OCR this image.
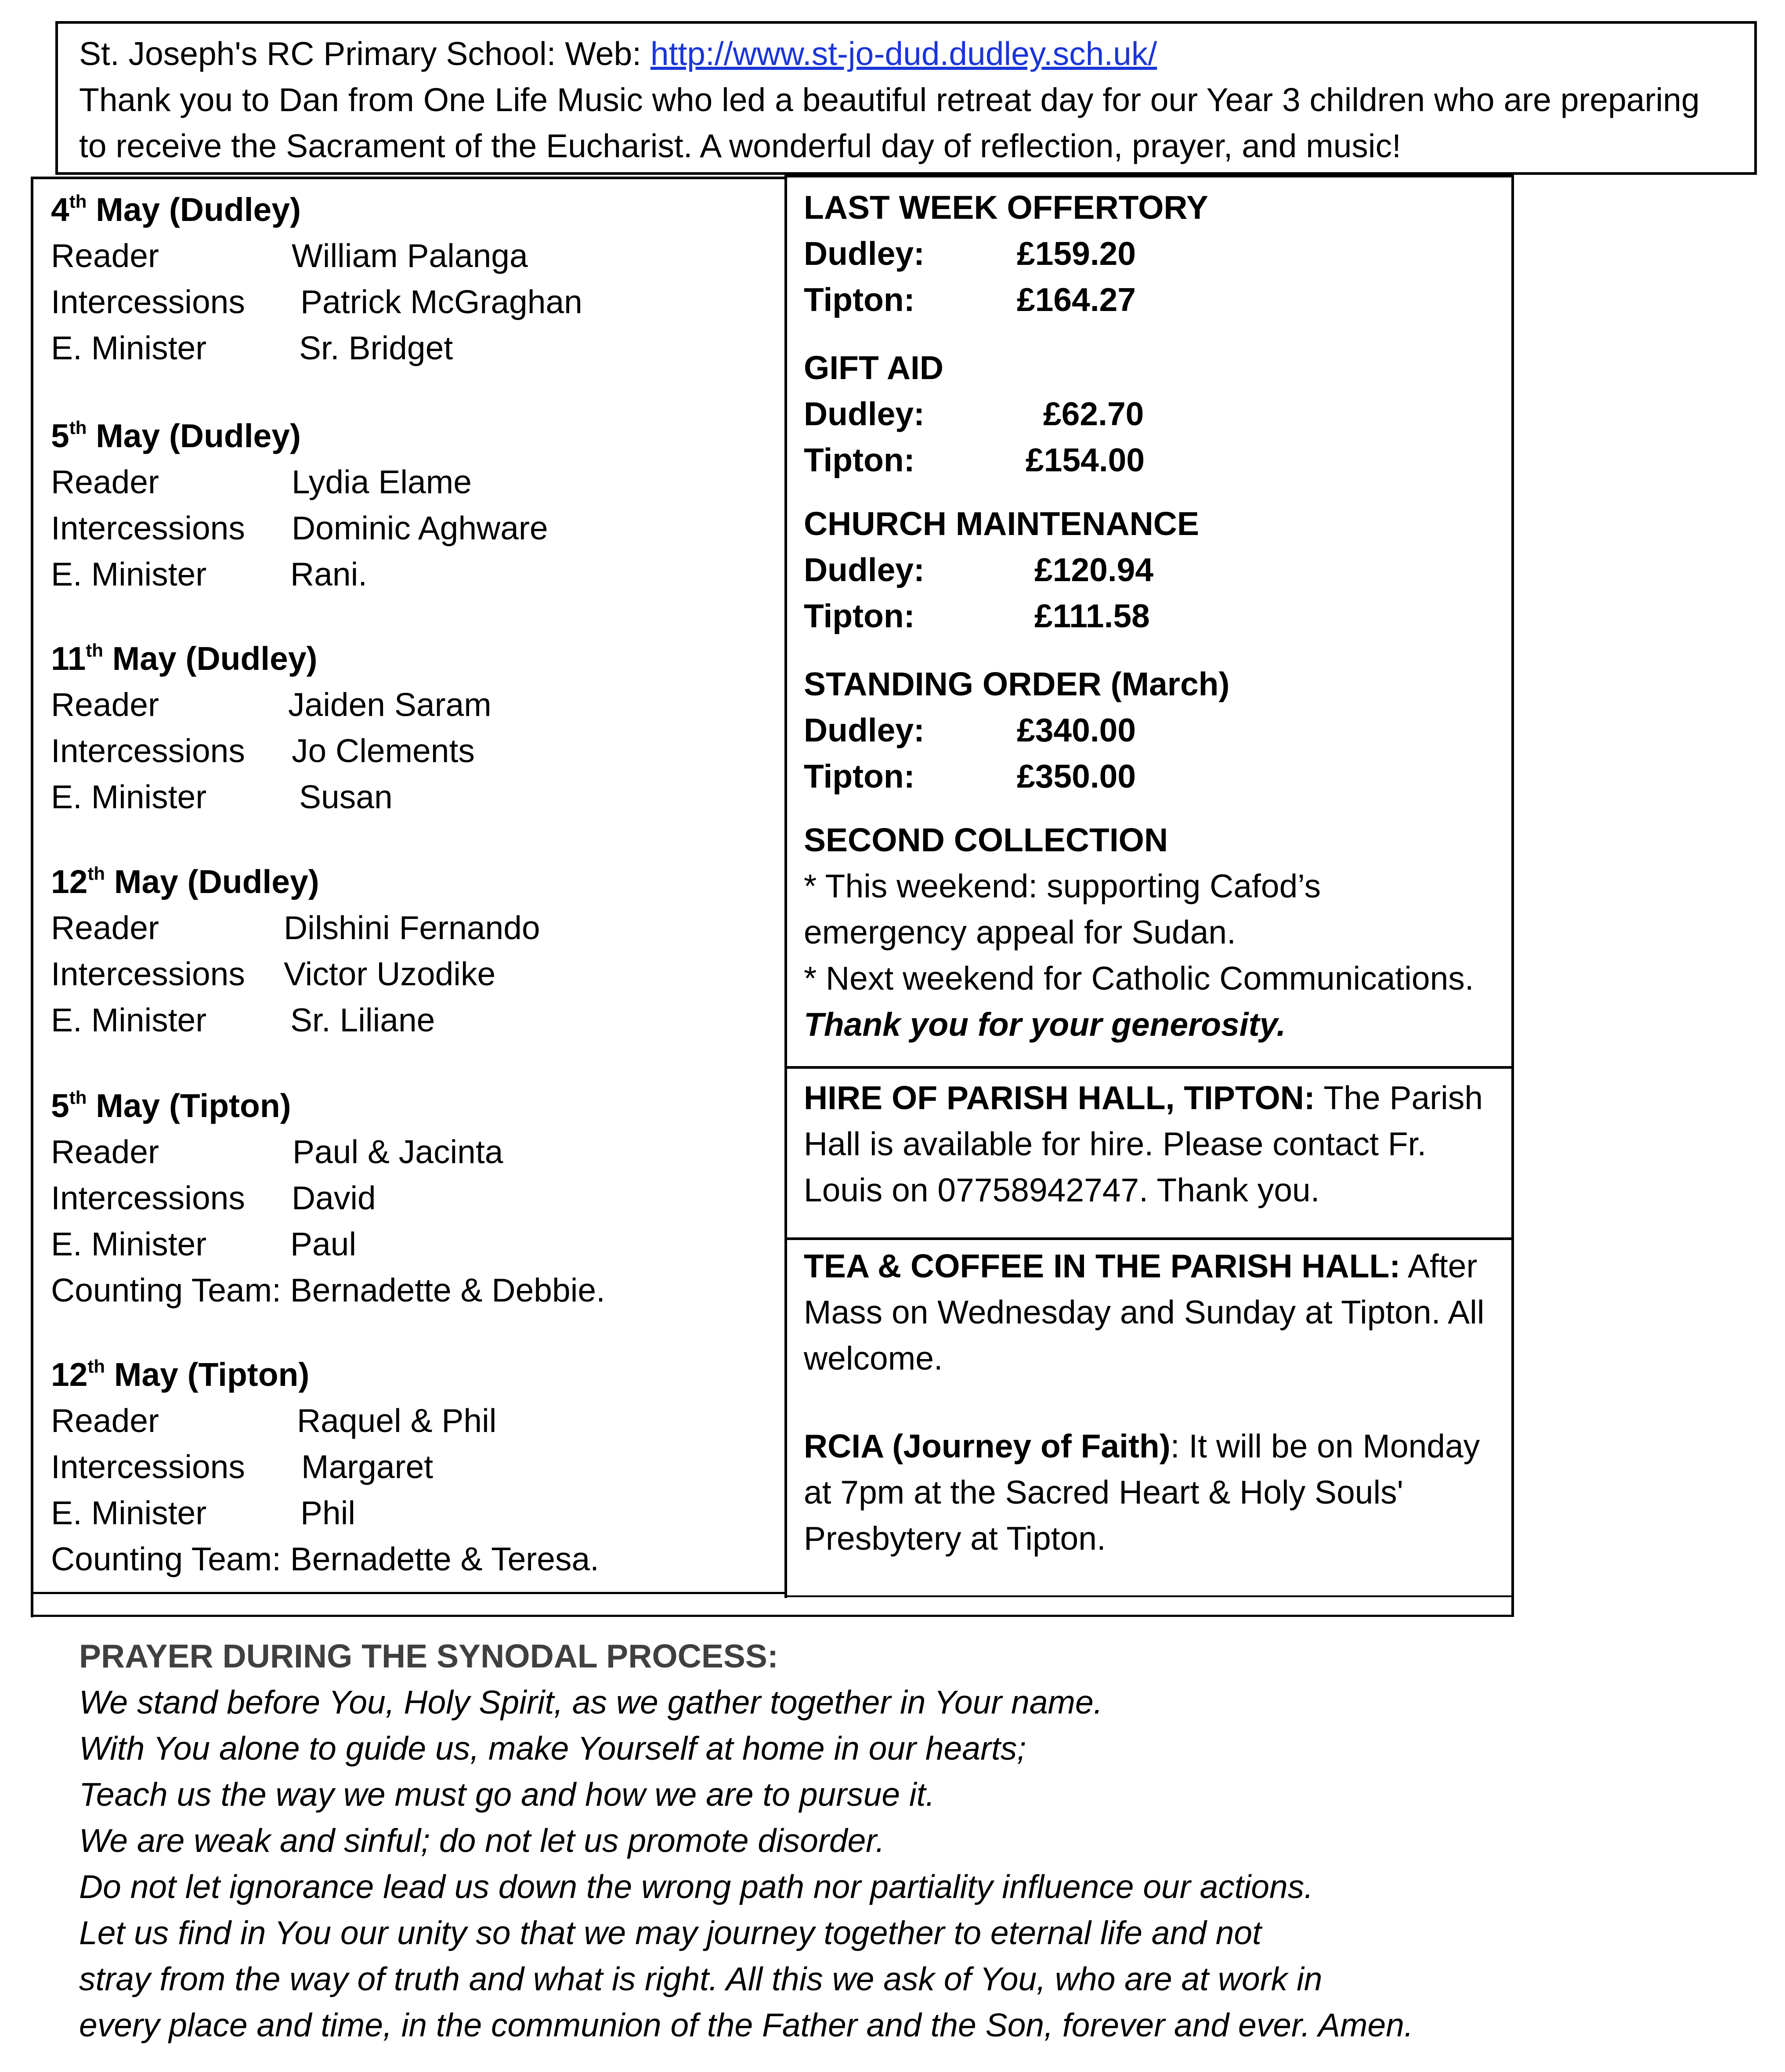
St. Joseph's RC Primary School: Web: http://www.st-jo-dud.dudley.sch.uk/
Thank you to Dan from One Life Music who led a beautiful retreat day for our Year 3 children who are preparing
to receive the Sacrament of the Eucharist. A wonderful day of reflection, prayer, and music!
4th May (Dudley)
Reader	William Palanga
Intercessions Patrick McGraghan
E. Minister	Sr. Bridget
5th May (Dudley)
Reader	Lydia Elame
Intercessions Dominic Aghware
E. Minister	Rani.
11th May (Dudley)
Reader	Jaiden Saram
Intercessions Jo Clements
E. Minister	Susan
12th May (Dudley)
Reader	Dilshini Fernando
Intercessions Victor Uzodike
E. Minister	Sr. Liliane
5th May (Tipton)
Reader	Paul & Jacinta
Intercessions David
E. Minister	Paul
Counting Team: Bernadette & Debbie.
12th May (Tipton)
Reader	Raquel & Phil
Intercessions Margaret
E. Minister	Phil
Counting Team: Bernadette & Teresa.
LAST WEEK OFFERTORY
Dudley:	£159.20
Tipton:	£164.27
GIFT AID
Dudley:	£62.70
Tipton:	£154.00
CHURCH MAINTENANCE
Dudley:	£120.94
Tipton:	£111.58
STANDING ORDER (March)
Dudley:	£340.00
Tipton:	£350.00
SECOND COLLECTION
* This weekend: supporting Cafod’s
emergency appeal for Sudan.
* Next weekend for Catholic Communications.
Thank you for your generosity.
HIRE OF PARISH HALL, TIPTON: The Parish
Hall is available for hire. Please contact Fr.
Louis on 07758942747. Thank you.
TEA & COFFEE IN THE PARISH HALL: After
Mass on Wednesday and Sunday at Tipton. All
welcome.
RCIA (Journey of Faith): It will be on Monday
at 7pm at the Sacred Heart & Holy Souls'
Presbytery at Tipton.
PRAYER DURING THE SYNODAL PROCESS:
We stand before You, Holy Spirit, as we gather together in Your name.
With You alone to guide us, make Yourself at home in our hearts;
Teach us the way we must go and how we are to pursue it.
We are weak and sinful; do not let us promote disorder.
Do not let ignorance lead us down the wrong path nor partiality influence our actions.
Let us find in You our unity so that we may journey together to eternal life and not
stray from the way of truth and what is right. All this we ask of You, who are at work in
every place and time, in the communion of the Father and the Son, forever and ever. Amen.
